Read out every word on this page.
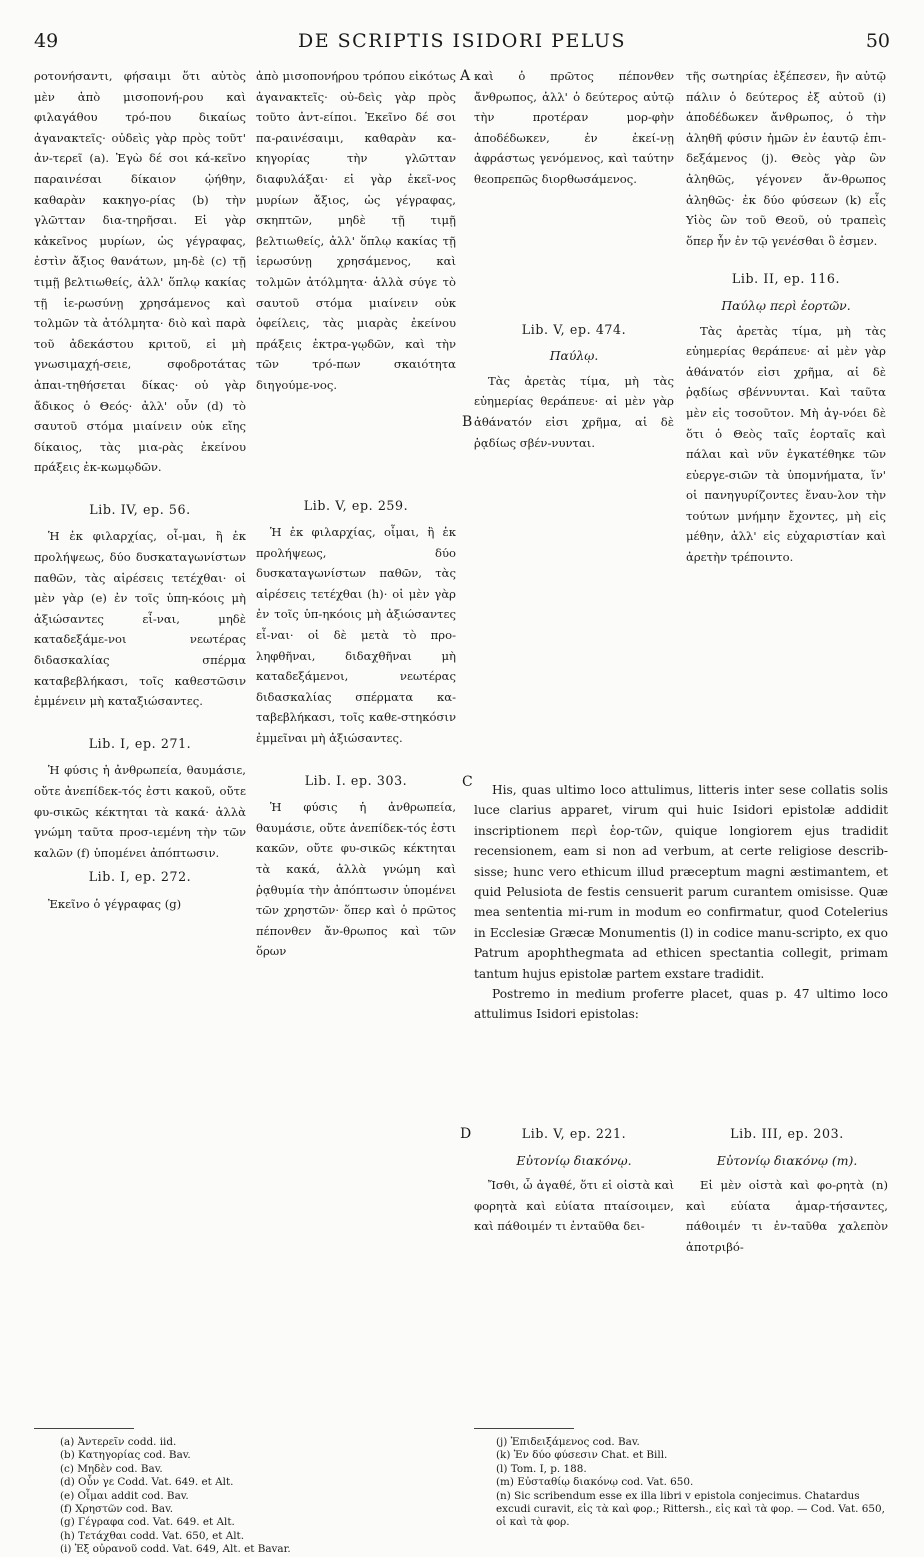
49	DE SCRIPTIS ISIDORI PELUS	50

ροτονήσαντι, φήσαιμι ὅτι αὐτὸς μὲν ἀπὸ μισοπονή-ρου καὶ φιλαγάθου τρό-που δικαίως ἀγανακτεῖς· οὐδεὶς γὰρ πρὸς τοῦτ' ἀν-τερεῖ (a). Ἐγὼ δέ σοι κά-κεῖνο παραινέσαι δίκαιον ᾠήθην, καθαρὰν κακηγο-ρίας (b) τὴν γλῶτταν δια-τηρῆσαι. Εἰ γὰρ κἀκεῖνος μυρίων, ὡς γέγραφας, ἐστὶν ἄξιος θανάτων, μη-δὲ (c) τῇ τιμῇ βελτιωθείς, ἀλλ' ὅπλῳ κακίας τῇ ἱε-ρωσύνῃ χρησάμενος καὶ τολμῶν τὰ ἀτόλμητα· διὸ καὶ παρὰ τοῦ ἀδεκάστου κριτοῦ, εἰ μὴ γνωσιμαχή-σειε, σφοδροτάτας ἀπαι-τηθήσεται δίκας· οὐ γὰρ ἄδικος ὁ Θεός· ἀλλ' οὖν (d) τὸ σαυτοῦ στόμα μιαίνειν οὐκ εἴης δίκαιος, τὰς μια-ρὰς ἐκείνου πράξεις ἐκ-κωμῳδῶν.

Lib. IV, ep. 56.

Ἡ ἐκ φιλαρχίας, οἶ-μαι, ἢ ἐκ προλήψεως, δύο δυσκαταγωνίστων παθῶν, τὰς αἱρέσεις τετέχθαι· οἱ μὲν γὰρ (e) ἐν τοῖς ὑπη-κόοις μὴ ἀξιώσαντες εἶ-ναι, μηδὲ καταδεξάμε-νοι νεωτέρας διδασκαλίας σπέρμα καταβεβλήκασι, τοῖς καθεστῶσιν ἐμμένειν μὴ καταξιώσαντες.

Lib. I, ep. 271.

Ἡ φύσις ἡ ἀνθρωπεία, θαυμάσιε, οὔτε ἀνεπίδεκ-τός ἐστι κακοῦ, οὔτε φυ-σικῶς κέκτηται τὰ κακά· ἀλλὰ γνώμη ταῦτα προσ-ιεμένη τὴν τῶν καλῶν (f) ὑπομένει ἀπόπτωσιν.

Lib. I, ep. 272.

Ἐκεῖνο ὁ γέγραφας (g)

ἀπὸ μισοπονήρου τρόπου εἰκότως ἀγανακτεῖς· οὐ-δεὶς γὰρ πρὸς τοῦτο ἀντ-είποι. Ἐκεῖνο δέ σοι πα-ραινέσαιμι, καθαρὰν κα-κηγορίας τὴν γλῶτταν διαφυλάξαι· εἰ γὰρ ἐκεῖ-νος μυρίων ἄξιος, ὡς γέγραφας, σκηπτῶν, μηδὲ τῇ τιμῇ βελτιωθείς, ἀλλ' ὅπλῳ κακίας τῇ ἱερωσύνῃ χρησάμενος, καὶ τολμῶν ἀτόλμητα· ἀλλὰ σύγε τὸ σαυτοῦ στόμα μιαίνειν οὐκ ὀφείλεις, τὰς μιαρὰς ἐκείνου πράξεις ἐκτρα-γῳδῶν, καὶ τὴν τῶν τρό-πων σκαιότητα διηγούμε-νος.

Lib. V, ep. 259.

Ἡ ἐκ φιλαρχίας, οἶμαι, ἢ ἐκ προλήψεως, δύο δυσκαταγωνίστων παθῶν, τὰς αἱρέσεις τετέχθαι (h)· οἱ μὲν γὰρ ἐν τοῖς ὑπ-ηκόοις μὴ ἀξιώσαντες εἶ-ναι· οἱ δὲ μετὰ τὸ προ-ληφθῆναι, διδαχθῆναι μὴ καταδεξάμενοι, νεωτέρας διδασκαλίας σπέρματα κα-ταβεβλήκασι, τοῖς καθε-στηκόσιν ἐμμεῖναι μὴ ἀξιώσαντες.

Lib. I. ep. 303.

Ἡ φύσις ἡ ἀνθρωπεία, θαυμάσιε, οὔτε ἀνεπίδεκ-τός ἐστι κακῶν, οὔτε φυ-σικῶς κέκτηται τὰ κακά, ἀλλὰ γνώμη καὶ ῥᾳθυμία τὴν ἀπόπτωσιν ὑπομένει τῶν χρηστῶν· ὅπερ καὶ ὁ πρῶτος πέπονθεν ἄν-θρωπος καὶ τῶν ὅρων

καὶ ὁ πρῶτος πέπονθεν ἄνθρωπος, ἀλλ' ὁ δεύτερος αὐτῷ τὴν προτέραν μορ-φὴν ἀποδέδωκεν, ἐν ἐκεί-νῃ ἀφράστως γενόμενος, καὶ ταύτην θεοπρεπῶς διορθωσάμενος.

Lib. V, ep. 474.
Παύλῳ.

Τὰς ἀρετὰς τίμα, μὴ τὰς εὐημερίας θεράπευε· αἱ μὲν γὰρ ἀθάνατόν εἰσι χρῆμα, αἱ δὲ ῥᾳδίως σβέν-νυνται.

τῆς σωτηρίας ἐξέπεσεν, ἣν αὐτῷ πάλιν ὁ δεύτερος ἐξ αὐτοῦ (i) ἀποδέδωκεν ἄνθρωπος, ὁ τὴν ἀληθῆ φύσιν ἡμῶν ἐν ἑαυτῷ ἐπι-δεξάμενος (j). Θεὸς γὰρ ὢν ἀληθῶς, γέγονεν ἄν-θρωπος ἀληθῶς· ἐκ δύο φύσεων (k) εἷς Υἱὸς ὢν τοῦ Θεοῦ, οὐ τραπεὶς ὅπερ ἦν ἐν τῷ γενέσθαι ὃ ἐσμεν.

Lib. II, ep. 116.
Παύλῳ περὶ ἑορτῶν.

Τὰς ἀρετὰς τίμα, μὴ τὰς εὐημερίας θεράπευε· αἱ μὲν γὰρ ἀθάνατόν εἰσι χρῆμα, αἱ δὲ ῥᾳδίως σβέννυνται. Καὶ ταῦτα μὲν εἰς τοσοῦτον. Μὴ ἀγ-νόει δὲ ὅτι ὁ Θεὸς ταῖς ἑορταῖς καὶ πάλαι καὶ νῦν ἐγκατέθηκε τῶν εὐεργε-σιῶν τὰ ὑπομνήματα, ἵν' οἱ πανηγυρίζοντες ἔναυ-λον τὴν τούτων μνήμην ἔχοντες, μὴ εἰς μέθην, ἀλλ' εἰς εὐχαριστίαν καὶ ἀρετὴν τρέποιντο.

A
B
C
D

His, quas ultimo loco attulimus, litteris inter sese collatis solis luce clarius apparet, virum qui huic Isidori epistolæ addidit inscriptionem περὶ ἑορ-τῶν, quique longiorem ejus tradidit recensionem, eam si non ad verbum, at certe religiose describ-sisse; hunc vero ethicum illud præceptum magni æstimantem, et quid Pelusiota de festis censuerit parum curantem omisisse. Quæ mea sententia mi-rum in modum eo confirmatur, quod Cotelerius in Ecclesiæ Græcæ Monumentis (l) in codice manu-scripto, ex quo Patrum apophthegmata ad ethicen spectantia collegit, primam tantum hujus epistolæ partem exstare tradidit.

Postremo in medium proferre placet, quas p. 47 ultimo loco attulimus Isidori epistolas:

Lib. V, ep. 221.
Εὐτονίῳ διακόνῳ.

Ἴσθι, ὦ ἀγαθέ, ὅτι εἰ οἰστὰ καὶ φορητὰ καὶ εὐίατα πταίσοιμεν, καὶ πάθοιμέν τι ἐνταῦθα δει-

Lib. III, ep. 203.
Εὐτονίῳ διακόνῳ (m).

Εἰ μὲν οἰστὰ καὶ φο-ρητὰ (n) καὶ εὐίατα ἁμαρ-τήσαντες, πάθοιμέν τι ἐν-ταῦθα χαλεπὸν ἀποτριβό-

(a) Ἀντερεῖν codd. iid.

(b) Κατηγορίας cod. Bav.

(c) Μηδὲν cod. Bav.

(d) Οὖν γε Codd. Vat. 649. et Alt.

(e) Οἶμαι addit cod. Bav.

(f) Χρηστῶν cod. Bav.

(g) Γέγραφα cod. Vat. 649. et Alt.

(h) Τετάχθαι codd. Vat. 650, et Alt.

(i) Ἐξ οὐρανοῦ codd. Vat. 649, Alt. et Bavar.

(j) Ἐπιδειξάμενος cod. Bav.

(k) Ἐν δύο φύσεσιν Chat. et Bill.

(l) Tom. I, p. 188.

(m) Εὐσταθίῳ διακόνῳ cod. Vat. 650.

(n) Sic scribendum esse ex illa libri v epistola conjecimus. Chatardus excudi curavit, εἰς τὰ καὶ φορ.; Rittersh., εἰς καὶ τὰ φορ. — Cod. Vat. 650, οἱ καὶ τὰ φορ.
